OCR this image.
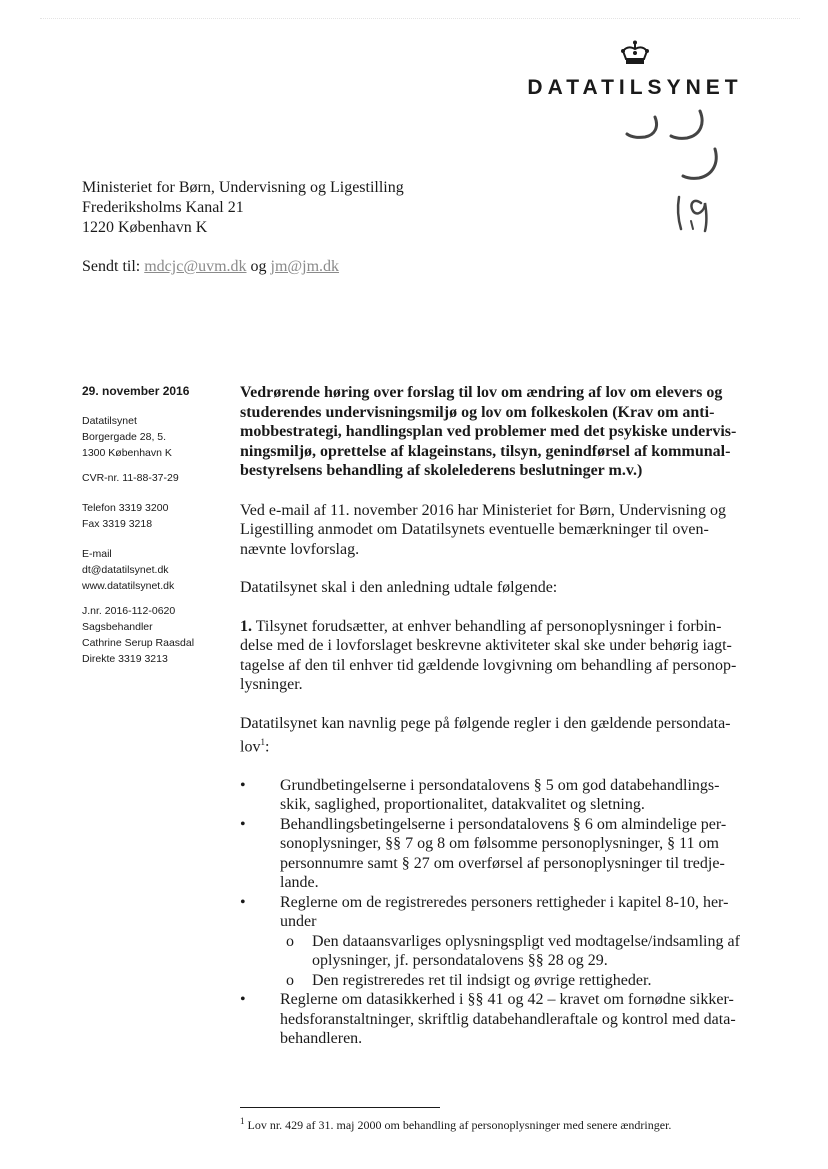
DATATILSYNET
Ministeriet for Børn, Undervisning og Ligestilling
Frederiksholms Kanal 21
1220 København K
Sendt til: mdcjc@uvm.dk og jm@jm.dk
29. november 2016
Datatilsynet
Borgergade 28, 5.
1300 København K
CVR-nr. 11-88-37-29
Telefon 3319 3200
Fax 3319 3218
E-mail
dt@datatilsynet.dk
www.datatilsynet.dk
J.nr. 2016-112-0620
Sagsbehandler
Cathrine Serup Raasdal
Direkte 3319 3213
Vedrørende høring over forslag til lov om ændring af lov om elevers og
studerendes undervisningsmiljø og lov om folkeskolen (Krav om anti-
mobbestrategi, handlingsplan ved problemer med det psykiske undervis-
ningsmiljø, oprettelse af klageinstans, tilsyn, genindførsel af kommunal-
bestyrelsens behandling af skolelederens beslutninger m.v.)
Ved e-mail af 11. november 2016 har Ministeriet for Børn, Undervisning og
Ligestilling anmodet om Datatilsynets eventuelle bemærkninger til oven-
nævnte lovforslag.
Datatilsynet skal i den anledning udtale følgende:
1. Tilsynet forudsætter, at enhver behandling af personoplysninger i forbin-
delse med de i lovforslaget beskrevne aktiviteter skal ske under behørig iagt-
tagelse af den til enhver tid gældende lovgivning om behandling af personop-
lysninger.
Datatilsynet kan navnlig pege på følgende regler i den gældende persondata-
lov$^1$:
• Grundbetingelserne i persondatalovens § 5 om god databehandlings-
skik, saglighed, proportionalitet, datakvalitet og sletning.
• Behandlingsbetingelserne i persondatalovens § 6 om almindelige per-
sonoplysninger, §§ 7 og 8 om følsomme personoplysninger, § 11 om
personnumre samt § 27 om overførsel af personoplysninger til tredje-
lande.
• Reglerne om de registreredes personers rettigheder i kapitel 8-10, her-
under
o Den dataansvarliges oplysningspligt ved modtagelse/indsamling af
oplysninger, jf. persondatalovens §§ 28 og 29.
o Den registreredes ret til indsigt og øvrige rettigheder.
• Reglerne om datasikkerhed i §§ 41 og 42 – kravet om fornødne sikker-
hedsforanstaltninger, skriftlig databehandleraftale og kontrol med data-
behandleren.
$^1$ Lov nr. 429 af 31. maj 2000 om behandling af personoplysninger med senere ændringer.
